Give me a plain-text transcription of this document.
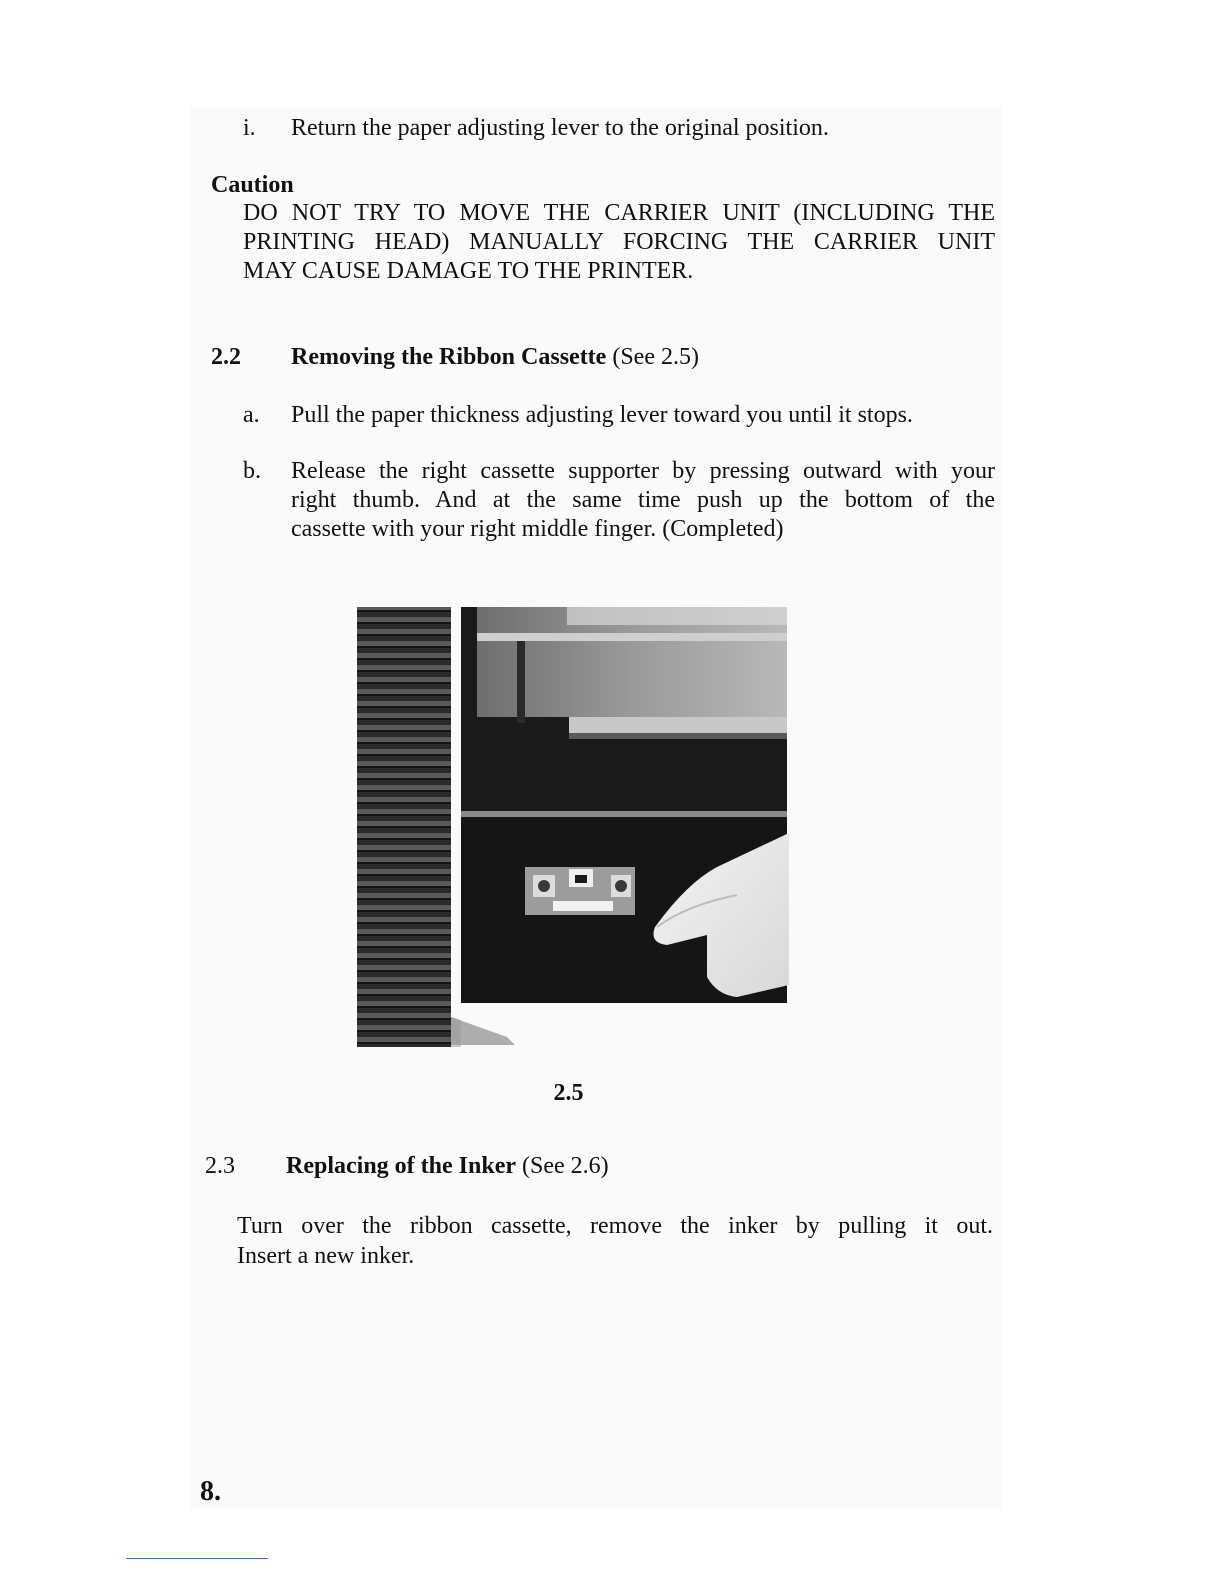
i. Return the paper adjusting lever to the original position.
Caution
DO NOT TRY TO MOVE THE CARRIER UNIT (INCLUDING THE
PRINTING HEAD) MANUALLY FORCING THE CARRIER UNIT
MAY CAUSE DAMAGE TO THE PRINTER.
2.2 Removing the Ribbon Cassette (See 2.5)
a. Pull the paper thickness adjusting lever toward you until it stops.
b. Release the right cassette supporter by pressing outward with your
right thumb. And at the same time push up the bottom of the
cassette with your right middle finger. (Completed)
2.5
2.3 Replacing of the Inker (See 2.6)
Turn over the ribbon cassette, remove the inker by pulling it out.
Insert a new inker.
8.
